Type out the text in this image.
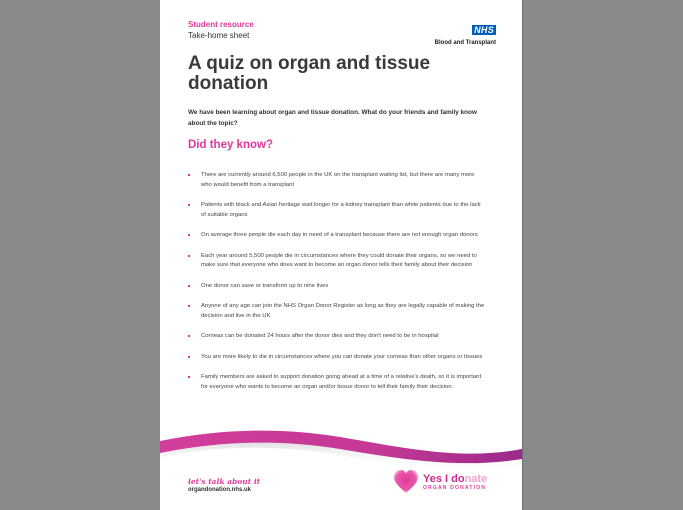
Student resource
Take-home sheet
NHS
Blood and Transplant
A quiz on organ and tissue donation

We have been learning about organ and tissue donation. What do your friends and family know about the topic?

Did they know?
There are currently around 6,500 people in the UK on the transplant waiting list, but there are many more who would benefit from a transplant
Patients with black and Asian heritage wait longer for a kidney transplant than white patients due to the lack of suitable organs
On average three people die each day in need of a transplant because there are not enough organ donors
Each year around 5,500 people die in circumstances where they could donate their organs, so we need to make sure that everyone who does want to become an organ donor tells their family about their decision
One donor can save or transform up to nine lives
Anyone of any age can join the NHS Organ Donor Register as long as they are legally capable of making the decision and live in the UK
Corneas can be donated 24 hours after the donor dies and they don't need to be in hospital
You are more likely to die in circumstances where you can donate your corneas than other organs or tissues
Family members are asked to support donation going ahead at a time of a relative's death, so it is important for everyone who wants to become an organ and/or tissue donor to tell their family their decision.
let's talk about it
organdonation.nhs.uk
Yes I donate
ORGAN DONATION
